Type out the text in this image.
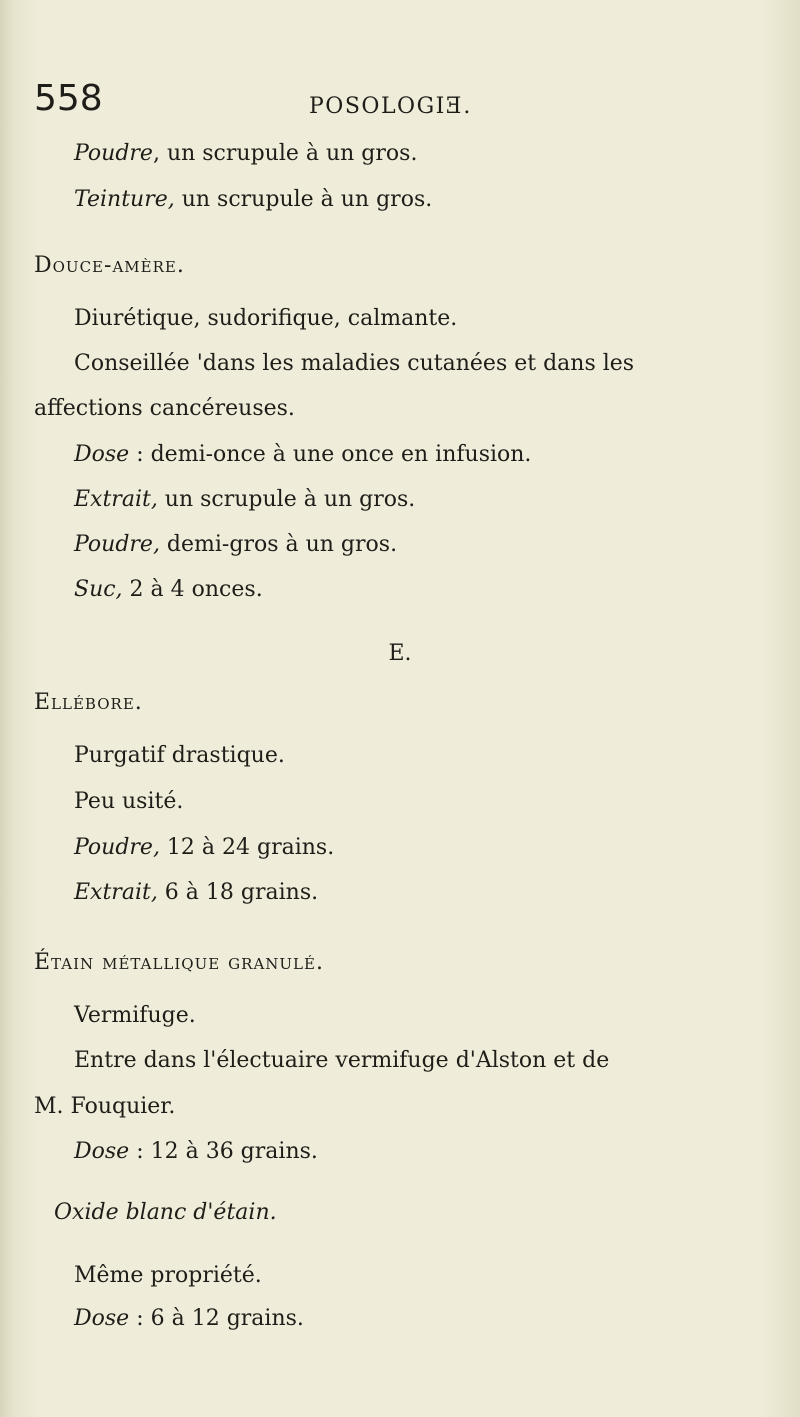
558	POSOLOGIƎ.
Poudre, un scrupule à un gros.
Teinture, un scrupule à un gros.
Douce-amère.
Diurétique, sudorifique, calmante.
Conseillée 'dans les maladies cutanées et dans les
affections cancéreuses.
Dose : demi-once à une once en infusion.
Extrait, un scrupule à un gros.
Poudre, demi-gros à un gros.
Suc, 2 à 4 onces.
E.
Ellébore.
Purgatif drastique.
Peu usité.
Poudre, 12 à 24 grains.
Extrait, 6 à 18 grains.
Étain métallique granulé.
Vermifuge.
Entre dans l'électuaire vermifuge d'Alston et de
M. Fouquier.
Dose : 12 à 36 grains.
Oxide blanc d'étain.
Même propriété.
Dose : 6 à 12 grains.
